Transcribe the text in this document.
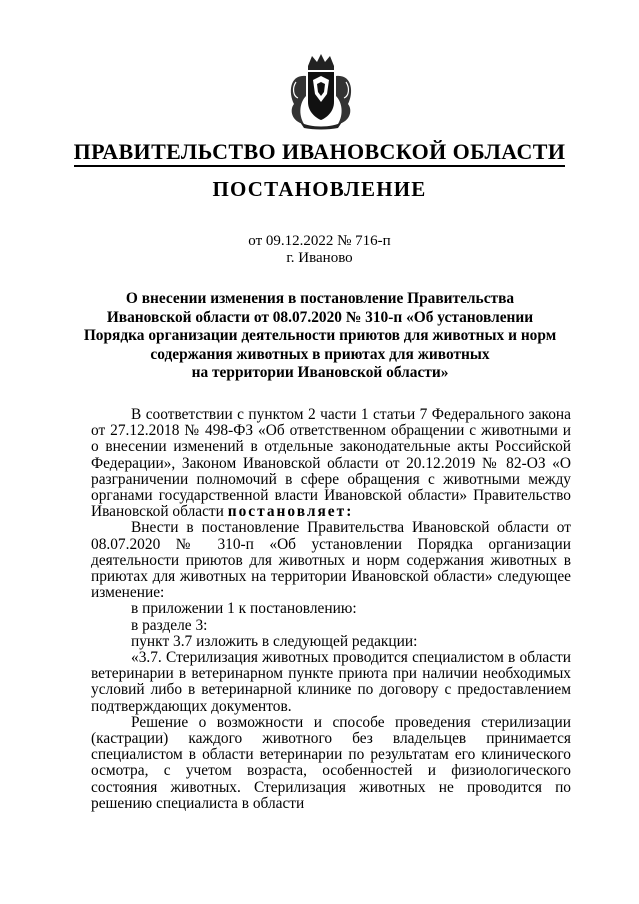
ПРАВИТЕЛЬСТВО ИВАНОВСКОЙ ОБЛАСТИ
ПОСТАНОВЛЕНИЕ
от 09.12.2022 № 716-п
г. Иваново
О внесении изменения в постановление Правительства
Ивановской области от 08.07.2020 № 310-п «Об установлении
Порядка организации деятельности приютов для животных и норм
содержания животных в приютах для животных
на территории Ивановской области»

В соответствии с пунктом 2 части 1 статьи 7 Федерального закона от 27.12.2018 № 498-ФЗ «Об ответственном обращении с животными и о внесении изменений в отдельные законодательные акты Российской Федерации», Законом Ивановской области от 20.12.2019 № 82-ОЗ «О разграничении полномочий в сфере обращения с животными между органами государственной власти Ивановской области» Правительство Ивановской области постановляет:

Внести в постановление Правительства Ивановской области от 08.07.2020 № 310-п «Об установлении Порядка организации деятельности приютов для животных и норм содержания животных в приютах для животных на территории Ивановской области» следующее изменение:

в приложении 1 к постановлению:

в разделе 3:

пункт 3.7 изложить в следующей редакции:

«3.7. Стерилизация животных проводится специалистом в области ветеринарии в ветеринарном пункте приюта при наличии необходимых условий либо в ветеринарной клинике по договору с предоставлением подтверждающих документов.

Решение о возможности и способе проведения стерилизации (кастрации) каждого животного без владельцев принимается специалистом в области ветеринарии по результатам его клинического осмотра, с учетом возраста, особенностей и физиологического состояния животных. Стерилизация животных не проводится по решению специалиста в области
